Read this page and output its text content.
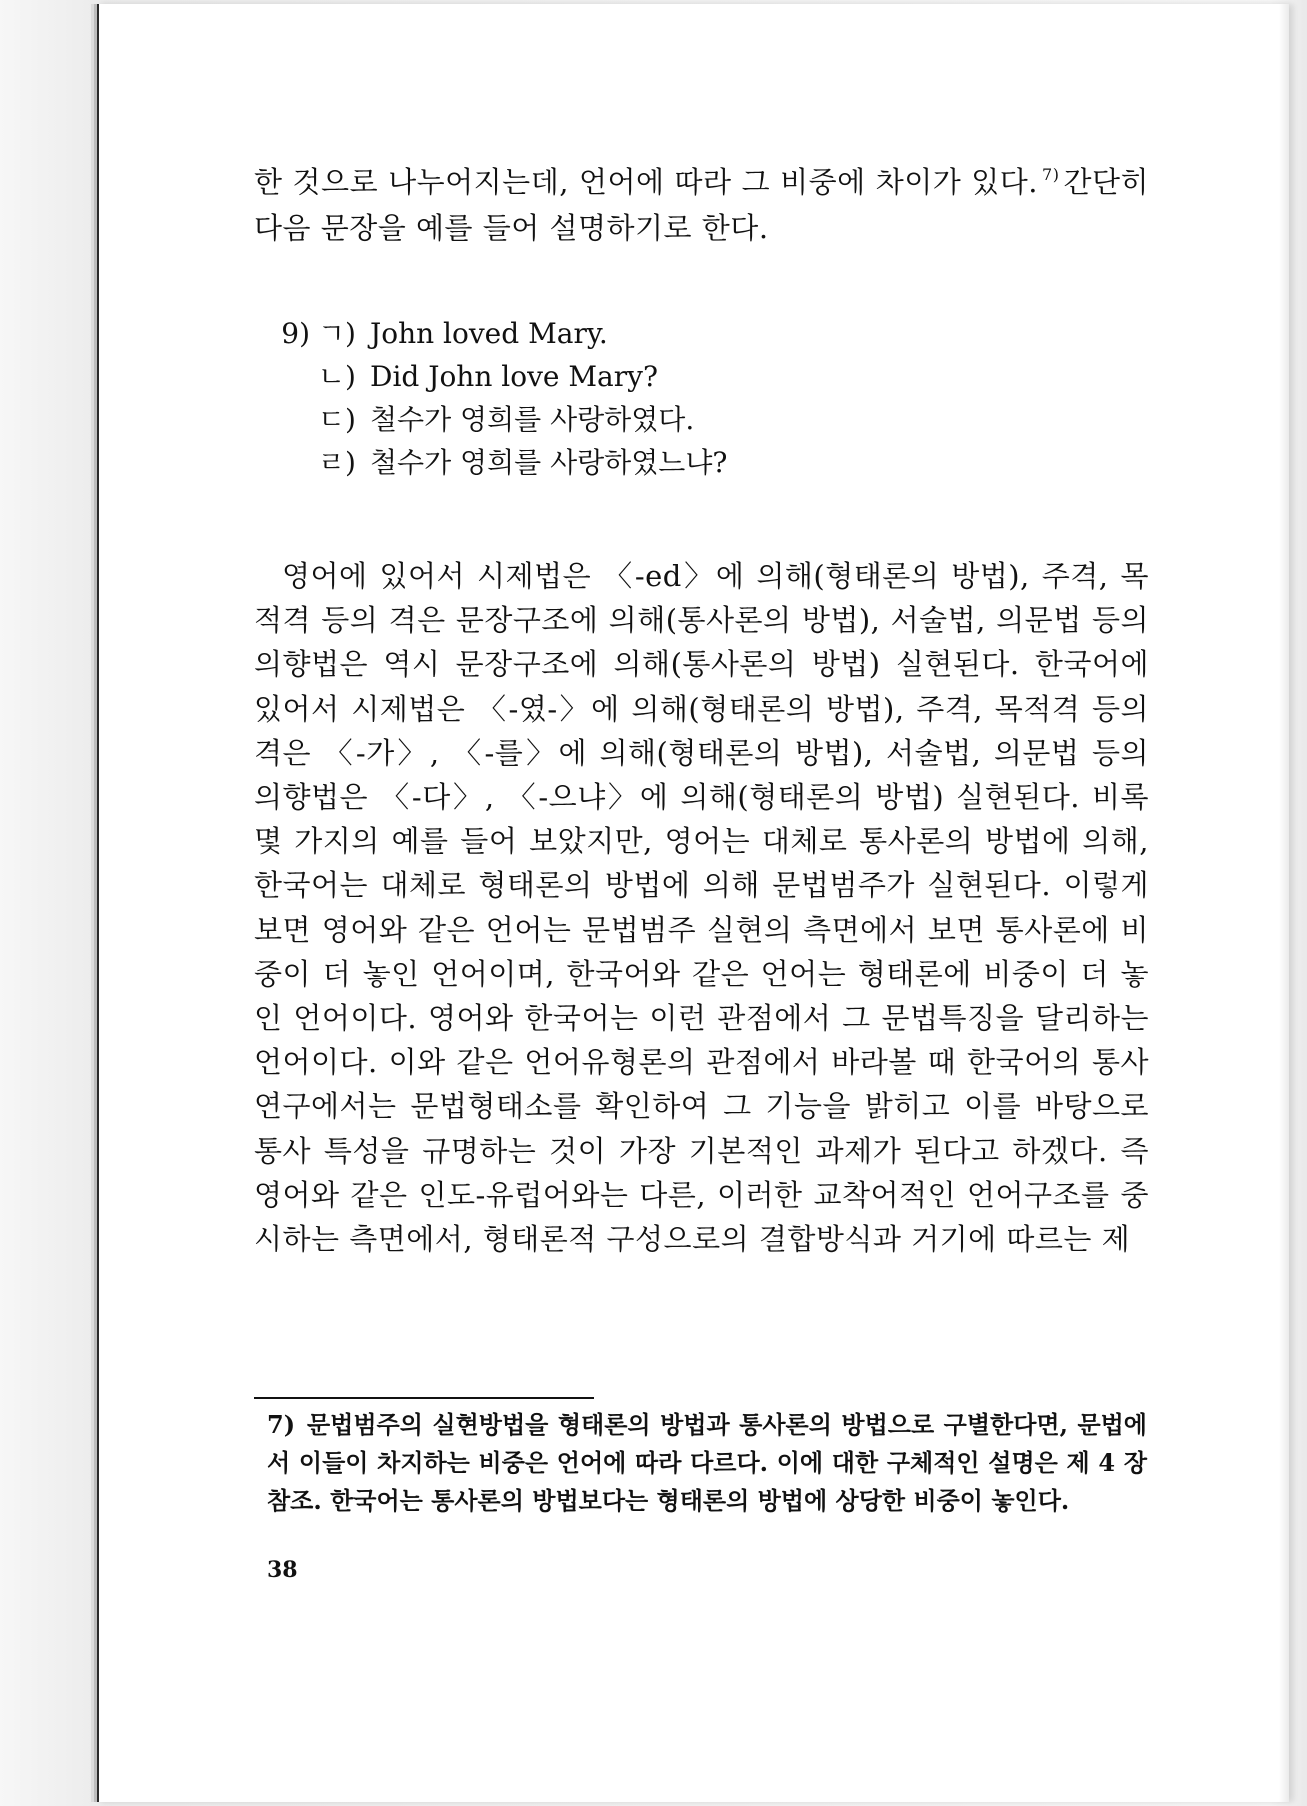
한 것으로 나누어지는데, 언어에 따라 그 비중에 차이가 있다. $^{7)}$ 간단히 다음 문장을 예를 들어 설명하기로 한다.
9) ㄱ) John loved Mary.
ㄴ) Did John love Mary?
ㄷ) 철수가 영희를 사랑하였다.
ㄹ) 철수가 영희를 사랑하였느냐?
영어에 있어서 시제법은 〈-ed〉에 의해(형태론의 방법), 주격, 목적격 등의 격은 문장구조에 의해(통사론의 방법), 서술법, 의문법 등의 의향법은 역시 문장구조에 의해(통사론의 방법) 실현된다. 한국어에 있어서 시제법은 〈-였-〉에 의해(형태론의 방법), 주격, 목적격 등의 격은 〈-가〉, 〈-를〉에 의해(형태론의 방법), 서술법, 의문법 등의 의향법은 〈-다〉, 〈-으냐〉에 의해(형태론의 방법) 실현된다. 비록 몇 가지의 예를 들어 보았지만, 영어는 대체로 통사론의 방법에 의해, 한국어는 대체로 형태론의 방법에 의해 문법범주가 실현된다. 이렇게 보면 영어와 같은 언어는 문법범주 실현의 측면에서 보면 통사론에 비중이 더 놓인 언어이며, 한국어와 같은 언어는 형태론에 비중이 더 놓인 언어이다. 영어와 한국어는 이런 관점에서 그 문법특징을 달리하는 언어이다. 이와 같은 언어유형론의 관점에서 바라볼 때 한국어의 통사 연구에서는 문법형태소를 확인하여 그 기능을 밝히고 이를 바탕으로 통사 특성을 규명하는 것이 가장 기본적인 과제가 된다고 하겠다. 즉 영어와 같은 인도-유럽어와는 다른, 이러한 교착어적인 언어구조를 중시하는 측면에서, 형태론적 구성으로의 결합방식과 거기에 따르는 제
7) 문법범주의 실현방법을 형태론의 방법과 통사론의 방법으로 구별한다면, 문법에서 이들이 차지하는 비중은 언어에 따라 다르다. 이에 대한 구체적인 설명은 제 4 장 참조. 한국어는 통사론의 방법보다는 형태론의 방법에 상당한 비중이 놓인다.
38
